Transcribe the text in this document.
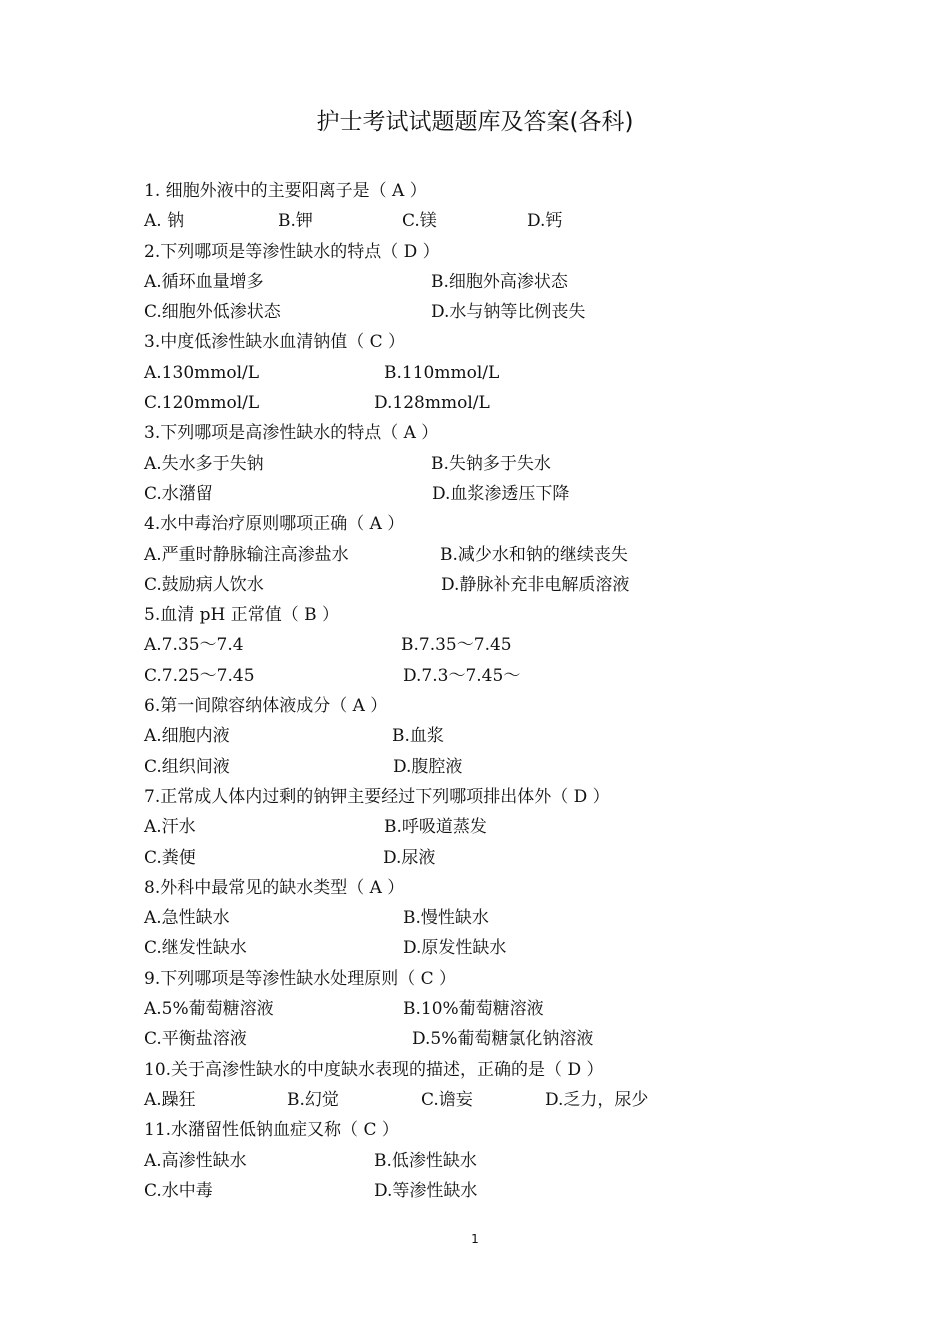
护士考试试题题库及答案(各科)
1. 细胞外液中的主要阳离子是（ A ）
A. 钠	B.钾	C.镁	D.钙
2.下列哪项是等渗性缺水的特点（ D ）
A.循环血量增多	B.细胞外高渗状态
C.细胞外低渗状态	D.水与钠等比例丧失
3.中度低渗性缺水血清钠值（ C ）
A.130mmol/L	B.110mmol/L
C.120mmol/L	D.128mmol/L
3.下列哪项是高渗性缺水的特点（ A ）
A.失水多于失钠	B.失钠多于失水
C.水潴留	D.血浆渗透压下降
4.水中毒治疗原则哪项正确（ A ）
A.严重时静脉输注高渗盐水	B.减少水和钠的继续丧失
C.鼓励病人饮水	D.静脉补充非电解质溶液
5.血清 pH 正常值（ B ）
A.7.35～7.4	B.7.35～7.45
C.7.25～7.45	D.7.3～7.45～
6.第一间隙容纳体液成分（ A ）
A.细胞内液	B.血浆
C.组织间液	D.腹腔液
7.正常成人体内过剩的钠钾主要经过下列哪项排出体外（ D ）
A.汗水	B.呼吸道蒸发
C.粪便	D.尿液
8.外科中最常见的缺水类型（ A ）
A.急性缺水	B.慢性缺水
C.继发性缺水	D.原发性缺水
9.下列哪项是等渗性缺水处理原则（ C ）
A.5%葡萄糖溶液	B.10%葡萄糖溶液
C.平衡盐溶液	D.5%葡萄糖氯化钠溶液
10.关于高渗性缺水的中度缺水表现的描述，正确的是（ D ）
A.躁狂	B.幻觉	C.谵妄	D.乏力，尿少
11.水潴留性低钠血症又称（ C ）
A.高渗性缺水	B.低渗性缺水
C.水中毒	D.等渗性缺水
1
